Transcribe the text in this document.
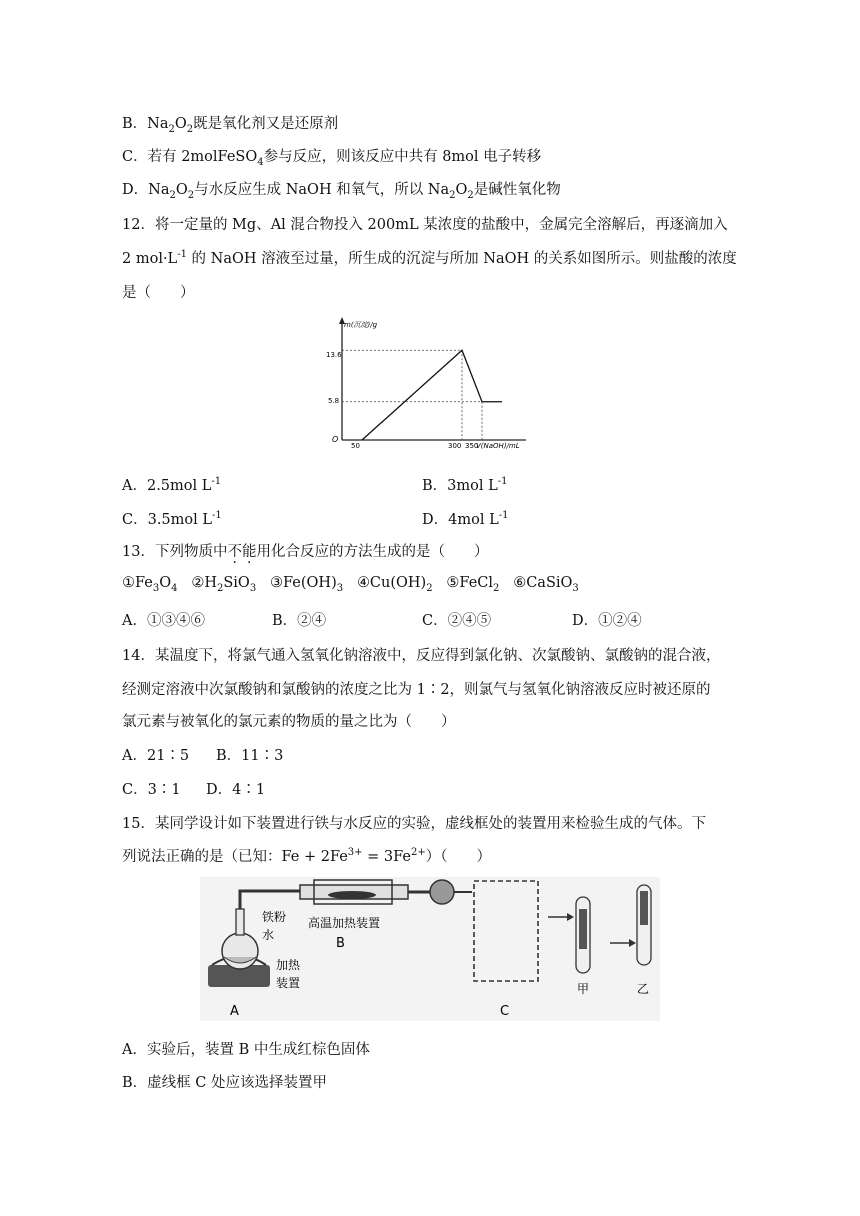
B．$Na_2O_2$既是氧化剂又是还原剂
C．若有 2molFeSO$_4$参与反应，则该反应中共有 8mol 电子转移
D．$Na_2O_2$与水反应生成 NaOH 和氧气，所以 $Na_2O_2$是碱性氧化物
12．将一定量的 Mg、Al 混合物投入 200mL 某浓度的盐酸中，金属完全溶解后，再逐滴加入
2 $mol\cdot L^{-1}$ 的 NaOH 溶液至过量，所生成的沉淀与所加 NaOH 的关系如图所示。则盐酸的浓度
是（　　）
m(沉淀)/g
V(NaOH)/mL
O
13.6
5.8
50	300 350
A．2.5mol $L^{-1}$	B．3mol $L^{-1}$
C．3.5mol $L^{-1}$	D．4mol $L^{-1}$
13．下列物质中不能用化合反应的方法生成的是（　　）
$①Fe_3O_4$ $②H_2SiO_3$ $③Fe(OH)_3$ $④Cu(OH)_2$ ⑤FeCl$_2$ ⑥CaSiO$_3$
A．①③④⑥	B．②④	C．②④⑤	D．①②④
14．某温度下，将氯气通入氢氧化钠溶液中，反应得到氯化钠、次氯酸钠、氯酸钠的混合液，
经测定溶液中次氯酸钠和氯酸钠的浓度之比为 1∶2，则氯气与氢氧化钠溶液反应时被还原的
氯元素与被氧化的氯元素的物质的量之比为（　　）
A．21∶5 B．11∶3
C．3∶1 D．4∶1
15．某同学设计如下装置进行铁与水反应的实验，虚线框处的装置用来检验生成的气体。下
列说法正确的是（已知：$Fe + 2Fe^{3+} = 3Fe^{2+}$）（　　）
铁粉
水
高温加热装置
B
加热
装置
A	C
甲	乙
A．实验后，装置 B 中生成红棕色固体
B．虚线框 C 处应该选择装置甲
